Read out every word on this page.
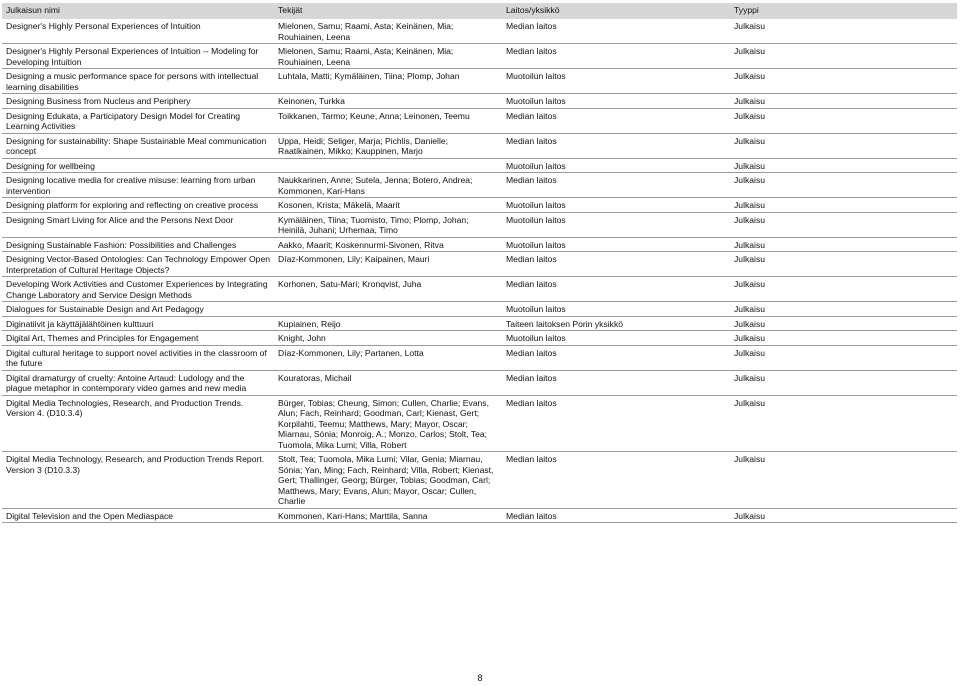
Julkaisun nimi	Tekijät	Laitos/yksikkö	Tyyppi
Designer's Highly Personal Experiences of Intuition	Mielonen, Samu; Raami, Asta; Keinänen, Mia; Rouhiainen, Leena	Median laitos	Julkaisu
Designer's Highly Personal Experiences of Intuition -- Modeling for Developing Intuition	Mielonen, Samu; Raami, Asta; Keinänen, Mia; Rouhiainen, Leena	Median laitos	Julkaisu
Designing a music performance space for persons with intellectual learning disabilities	Luhtala, Matti; Kymäläinen, Tiina; Plomp, Johan	Muotoilun laitos	Julkaisu
Designing Business from Nucleus and Periphery	Keinonen, Turkka	Muotoilun laitos	Julkaisu
Designing Edukata, a Participatory Design Model for Creating Learning Activities	Toikkanen, Tarmo; Keune, Anna; Leinonen, Teemu	Median laitos	Julkaisu
Designing for sustainability: Shape Sustainable Meal communication concept	Uppa, Heidi; Seliger, Marja; Pichlis, Danielle; Raatikainen, Mikko; Kauppinen, Marjo	Median laitos	Julkaisu
Designing for wellbeing		Muotoilun laitos	Julkaisu
Designing locative media for creative misuse: learning from urban intervention	Naukkarinen, Anne; Sutela, Jenna; Botero, Andrea; Kommonen, Kari-Hans	Median laitos	Julkaisu
Designing platform for exploring and reflecting on creative process	Kosonen, Krista; Mäkelä, Maarit	Muotoilun laitos	Julkaisu
Designing Smart Living for Alice and the Persons Next Door	Kymäläinen, Tiina; Tuomisto, Timo; Plomp, Johan; Heinilä, Juhani; Urhemaa, Timo	Muotoilun laitos	Julkaisu
Designing Sustainable Fashion: Possibilities and Challenges	Aakko, Maarit; Koskennurmi-Sivonen, Ritva	Muotoilun laitos	Julkaisu
Designing Vector-Based Ontologies: Can Technology Empower Open Interpretation of Cultural Heritage Objects?	Díaz-Kommonen, Lily; Kaipainen, Mauri	Median laitos	Julkaisu
Developing Work Activities and Customer Experiences by Integrating Change Laboratory and Service Design Methods	Korhonen, Satu-Mari; Kronqvist, Juha	Median laitos	Julkaisu
Dialogues for Sustainable Design and Art Pedagogy		Muotoilun laitos	Julkaisu
Diginatiivit ja käyttäjälähtöinen kulttuuri	Kupiainen, Reijo	Taiteen laitoksen Porin yksikkö	Julkaisu
Digital Art, Themes and Principles for Engagement	Knight, John	Muotoilun laitos	Julkaisu
Digital cultural heritage to support novel activities in the classroom of the future	Díaz-Kommonen, Lily; Partanen, Lotta	Median laitos	Julkaisu
Digital dramaturgy of cruelty: Antoine Artaud: Ludology and the plague metaphor in contemporary video games and new media	Kouratoras, Michail	Median laitos	Julkaisu
Digital Media Technologies, Research, and Production Trends. Version 4. (D10.3.4)	Bürger, Tobias; Cheung, Simon; Cullen, Charlie; Evans, Alun; Fach, Reinhard; Goodman, Carl; Kienast, Gert; Korpilahti, Teemu; Matthews, Mary; Mayor, Oscar; Miarnau, Sónia; Monroig, A.; Monzo, Carlos; Stolt, Tea; Tuomola, Mika Lumi; Villa, Robert	Median laitos	Julkaisu
Digital Media Technology, Research, and Production Trends Report. Version 3 (D10.3.3)	Stolt, Tea; Tuomola, Mika Lumi; Vilar, Genia; Miarnau, Sónia; Yan, Ming; Fach, Reinhard; Villa, Robert; Kienast, Gert; Thallinger, Georg; Bürger, Tobias; Goodman, Carl; Matthews, Mary; Evans, Alun; Mayor, Oscar; Cullen, Charlie	Median laitos	Julkaisu
Digital Television and the Open Mediaspace	Kommonen, Kari-Hans; Marttila, Sanna	Median laitos	Julkaisu
8
